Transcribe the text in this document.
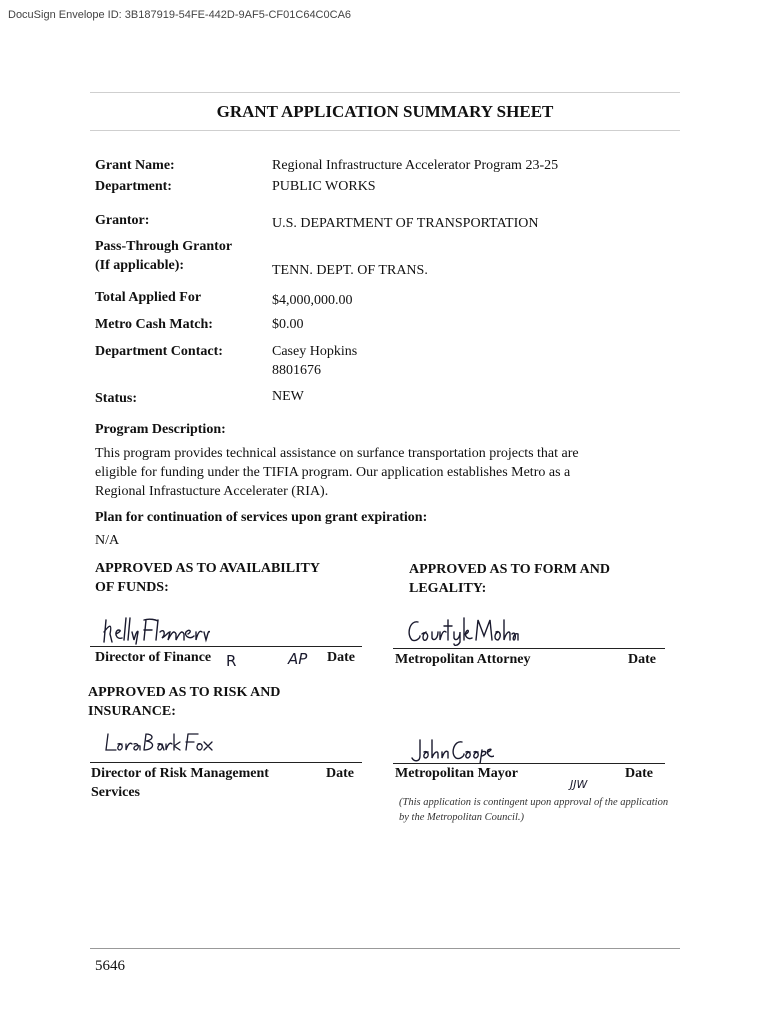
DocuSign Envelope ID: 3B187919-54FE-442D-9AF5-CF01C64C0CA6
GRANT APPLICATION SUMMARY SHEET
Grant Name:	Regional Infrastructure Accelerator Program 23-25
Department:	PUBLIC WORKS
Grantor:	U.S. DEPARTMENT OF TRANSPORTATION
Pass-Through Grantor
(If applicable):	TENN. DEPT. OF TRANS.
Total Applied For	$4,000,000.00
Metro Cash Match:	$0.00
Department Contact:	Casey Hopkins
8801676
Status:	NEW
Program Description:
This program provides technical assistance on surfance transportation projects that are
eligible for funding under the TIFIA program. Our application establishes Metro as a
Regional Infrastucture Accelerater (RIA).
Plan for continuation of services upon grant expiration:
N/A
APPROVED AS TO AVAILABILITY
OF FUNDS:
Director of Finance R	AP Date
APPROVED AS TO FORM AND
LEGALITY:
Metropolitan Attorney	Date
APPROVED AS TO RISK AND
INSURANCE:
Director of Risk Management
Services
Date	Metropolitan Mayor	Date
JJW
(This application is contingent upon approval of the application
by the Metropolitan Council.)
5646
